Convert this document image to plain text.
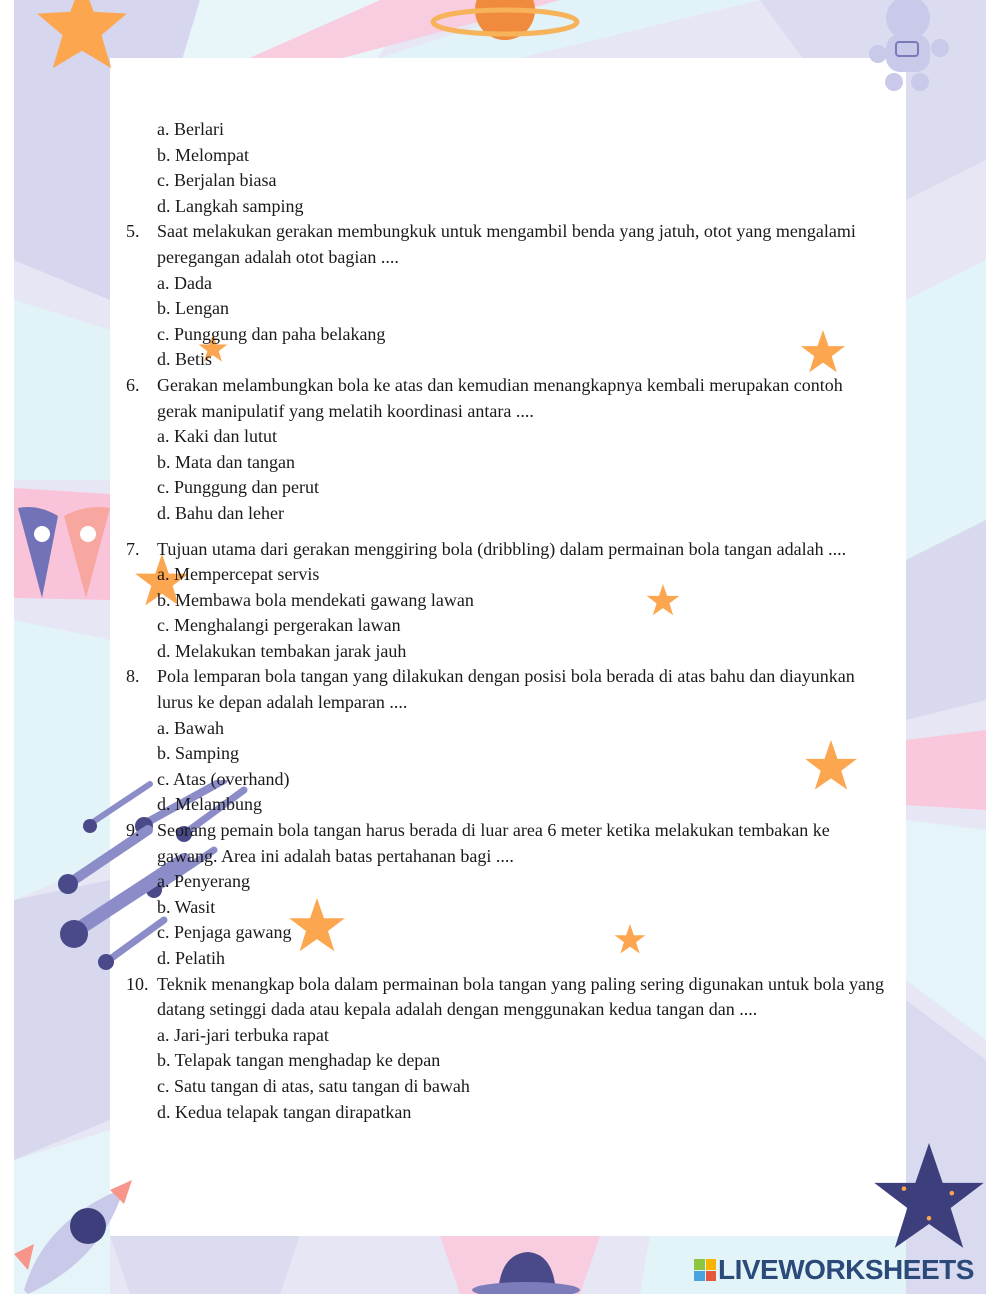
a. Berlari
b. Melompat
c. Berjalan biasa
d. Langkah samping
5. Saat melakukan gerakan membungkuk untuk mengambil benda yang jatuh, otot yang mengalami peregangan adalah otot bagian ....
a. Dada
b. Lengan
c. Punggung dan paha belakang
d. Betis
6. Gerakan melambungkan bola ke atas dan kemudian menangkapnya kembali merupakan contoh gerak manipulatif yang melatih koordinasi antara ....
a. Kaki dan lutut
b. Mata dan tangan
c. Punggung dan perut
d. Bahu dan leher
7. Tujuan utama dari gerakan menggiring bola (dribbling) dalam permainan bola tangan adalah ....
a. Mempercepat servis
b. Membawa bola mendekati gawang lawan
c. Menghalangi pergerakan lawan
d. Melakukan tembakan jarak jauh
8. Pola lemparan bola tangan yang dilakukan dengan posisi bola berada di atas bahu dan diayunkan lurus ke depan adalah lemparan ....
a. Bawah
b. Samping
c. Atas (overhand)
d. Melambung
9. Seorang pemain bola tangan harus berada di luar area 6 meter ketika melakukan tembakan ke gawang. Area ini adalah batas pertahanan bagi ....
a. Penyerang
b. Wasit
c. Penjaga gawang
d. Pelatih
10. Teknik menangkap bola dalam permainan bola tangan yang paling sering digunakan untuk bola yang datang setinggi dada atau kepala adalah dengan menggunakan kedua tangan dan ....
a. Jari-jari terbuka rapat
b. Telapak tangan menghadap ke depan
c. Satu tangan di atas, satu tangan di bawah
d. Kedua telapak tangan dirapatkan
LIVEWORKSHEETS
